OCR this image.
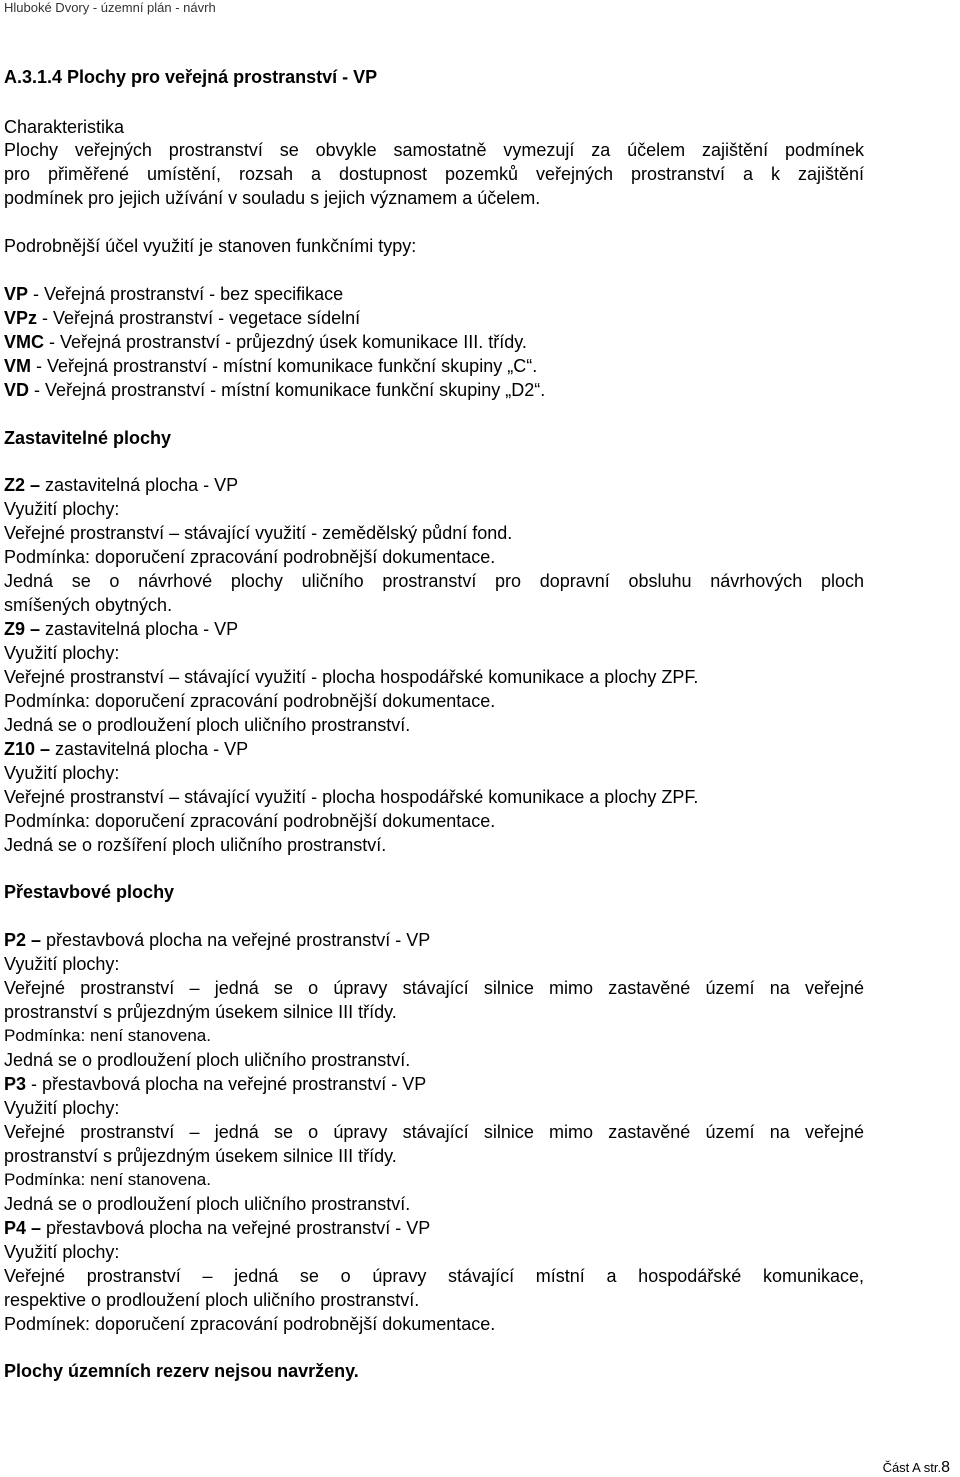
Hluboké Dvory - územní plán - návrh
A.3.1.4 Plochy pro veřejná prostranství - VP
Charakteristika
Plochy veřejných prostranství se obvykle samostatně vymezují za účelem zajištění podmínek
pro přiměřené umístění, rozsah a dostupnost pozemků veřejných prostranství a k zajištění
podmínek pro jejich užívání v souladu s jejich významem a účelem.
Podrobnější účel využití je stanoven funkčními typy:
VP - Veřejná prostranství - bez specifikace
VPz - Veřejná prostranství - vegetace sídelní
VMC - Veřejná prostranství - průjezdný úsek komunikace III. třídy.
VM - Veřejná prostranství - místní komunikace funkční skupiny „C“.
VD - Veřejná prostranství - místní komunikace funkční skupiny „D2“.
Zastavitelné plochy
Z2 – zastavitelná plocha - VP
Využití plochy:
Veřejné prostranství – stávající využití - zemědělský půdní fond.
Podmínka: doporučení zpracování podrobnější dokumentace.
Jedná se o návrhové plochy uličního prostranství pro dopravní obsluhu návrhových ploch
smíšených obytných.
Z9 – zastavitelná plocha - VP
Využití plochy:
Veřejné prostranství – stávající využití - plocha hospodářské komunikace a plochy ZPF.
Podmínka: doporučení zpracování podrobnější dokumentace.
Jedná se o prodloužení ploch uličního prostranství.
Z10 – zastavitelná plocha - VP
Využití plochy:
Veřejné prostranství – stávající využití - plocha hospodářské komunikace a plochy ZPF.
Podmínka: doporučení zpracování podrobnější dokumentace.
Jedná se o rozšíření ploch uličního prostranství.
Přestavbové plochy
P2 – přestavbová plocha na veřejné prostranství - VP
Využití plochy:
Veřejné prostranství – jedná se o úpravy stávající silnice mimo zastavěné území na veřejné
prostranství s průjezdným úsekem silnice III třídy.
Podmínka: není stanovena.
Jedná se o prodloužení ploch uličního prostranství.
P3 - přestavbová plocha na veřejné prostranství - VP
Využití plochy:
Veřejné prostranství – jedná se o úpravy stávající silnice mimo zastavěné území na veřejné
prostranství s průjezdným úsekem silnice III třídy.
Podmínka: není stanovena.
Jedná se o prodloužení ploch uličního prostranství.
P4 – přestavbová plocha na veřejné prostranství - VP
Využití plochy:
Veřejné prostranství – jedná se o úpravy stávající místní a hospodářské komunikace,
respektive o prodloužení ploch uličního prostranství.
Podmínek: doporučení zpracování podrobnější dokumentace.
Plochy územních rezerv nejsou navrženy.
Část A str.8
